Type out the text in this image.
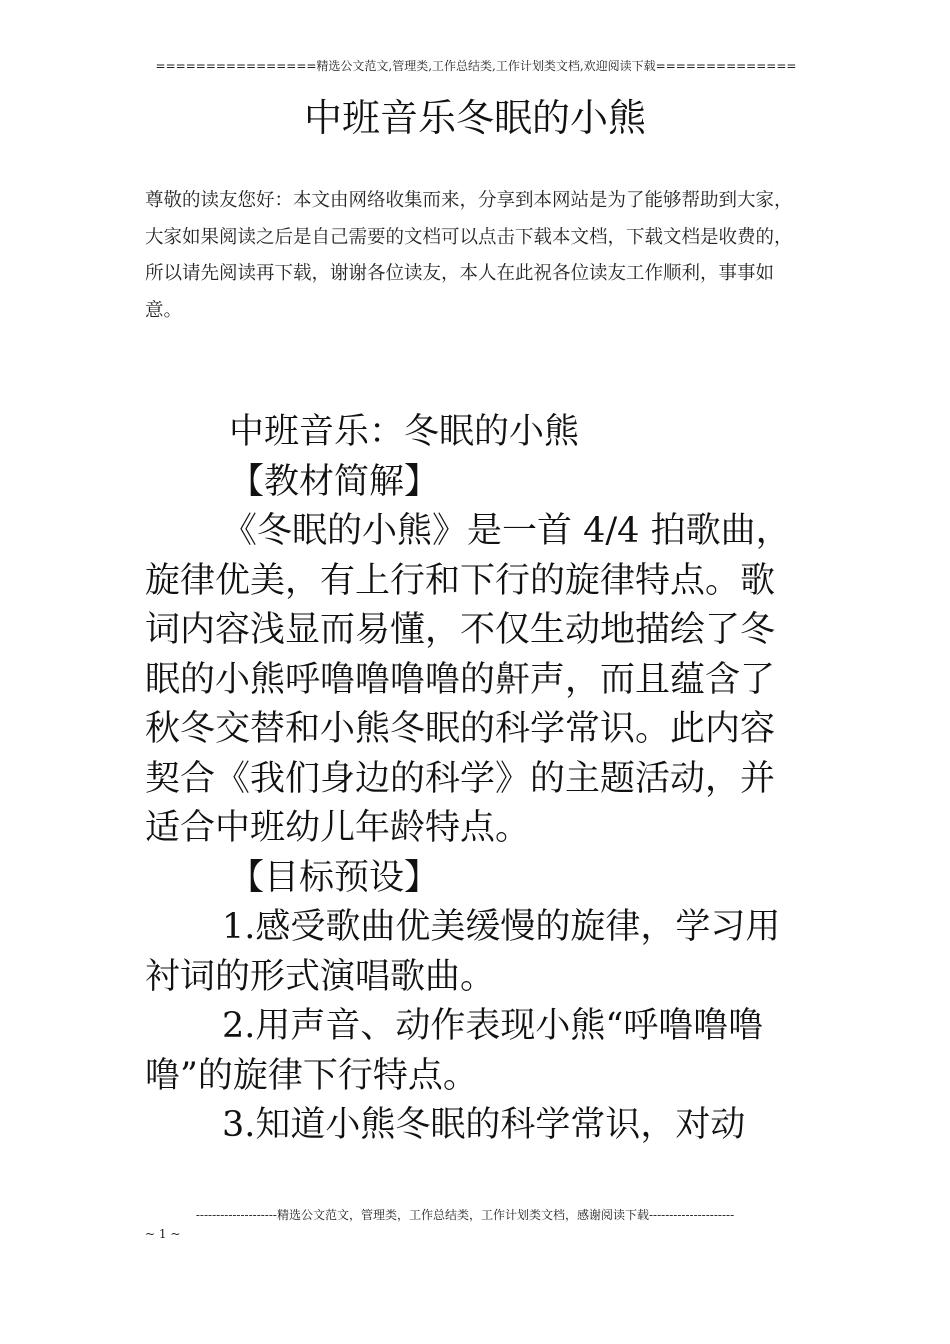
================精选公文范文,管理类,工作总结类,工作计划类文档,欢迎阅读下载==============
中班音乐冬眠的小熊
尊敬的读友您好：本文由网络收集而来，分享到本网站是为了能够帮助到大家，大家如果阅读之后是自己需要的文档可以点击下载本文档，下载文档是收费的，所以请先阅读再下载，谢谢各位读友，本人在此祝各位读友工作顺利，事事如意。

中班音乐：冬眠的小熊

【教材简解】

《冬眠的小熊》是一首 4/4 拍歌曲，旋律优美，有上行和下行的旋律特点。歌词内容浅显而易懂，不仅生动地描绘了冬眠的小熊呼噜噜噜噜的鼾声，而且蕴含了秋冬交替和小熊冬眠的科学常识。此内容契合《我们身边的科学》的主题活动，并适合中班幼儿年龄特点。

【目标预设】

1.感受歌曲优美缓慢的旋律，学习用衬词的形式演唱歌曲。

2.用声音、动作表现小熊“呼噜噜噜噜”的旋律下行特点。

3.知道小熊冬眠的科学常识，对动

--------------------精选公文范文，管理类，工作总结类，工作计划类文档，感谢阅读下载---------------------
~ 1 ~
